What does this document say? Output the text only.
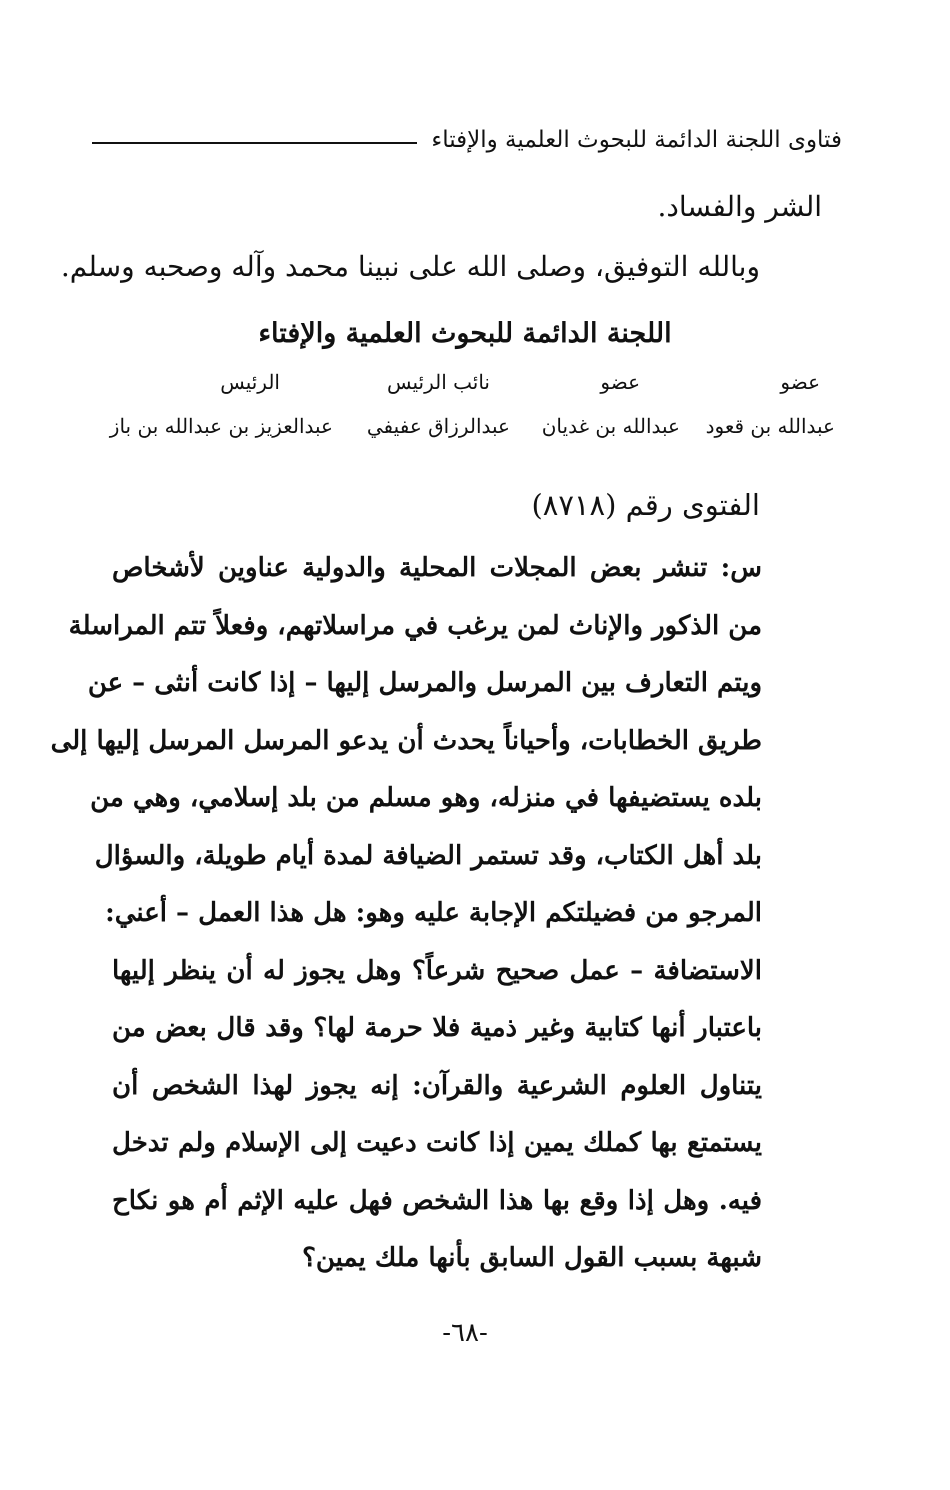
فتاوى اللجنة الدائمة للبحوث العلمية والإفتاء
الشر والفساد.
وبالله التوفيق، وصلى الله على نبينا محمد وآله وصحبه وسلم.
اللجنة الدائمة للبحوث العلمية والإفتاء
عضو
عضو
نائب الرئيس
الرئيس
عبدالله بن قعود
عبدالله بن غديان
عبدالرزاق عفيفي
عبدالعزيز بن عبدالله بن باز
الفتوى رقم (٨٧١٨)
س: تنشر بعض المجلات المحلية والدولية عناوين لأشخاص
من الذكور والإناث لمن يرغب في مراسلاتهم، وفعلاً تتم المراسلة
ويتم التعارف بين المرسل والمرسل إليها – إذا كانت أنثى – عن
طريق الخطابات، وأحياناً يحدث أن يدعو المرسل المرسل إليها إلى
بلده يستضيفها في منزله، وهو مسلم من بلد إسلامي، وهي من
بلد أهل الكتاب، وقد تستمر الضيافة لمدة أيام طويلة، والسؤال
المرجو من فضيلتكم الإجابة عليه وهو: هل هذا العمل – أعني:
الاستضافة – عمل صحيح شرعاً؟ وهل يجوز له أن ينظر إليها
باعتبار أنها كتابية وغير ذمية فلا حرمة لها؟ وقد قال بعض من
يتناول العلوم الشرعية والقرآن: إنه يجوز لهذا الشخص أن
يستمتع بها كملك يمين إذا كانت دعيت إلى الإسلام ولم تدخل
فيه. وهل إذا وقع بها هذا الشخص فهل عليه الإثم أم هو نكاح
شبهة بسبب القول السابق بأنها ملك يمين؟
-٦٨-
